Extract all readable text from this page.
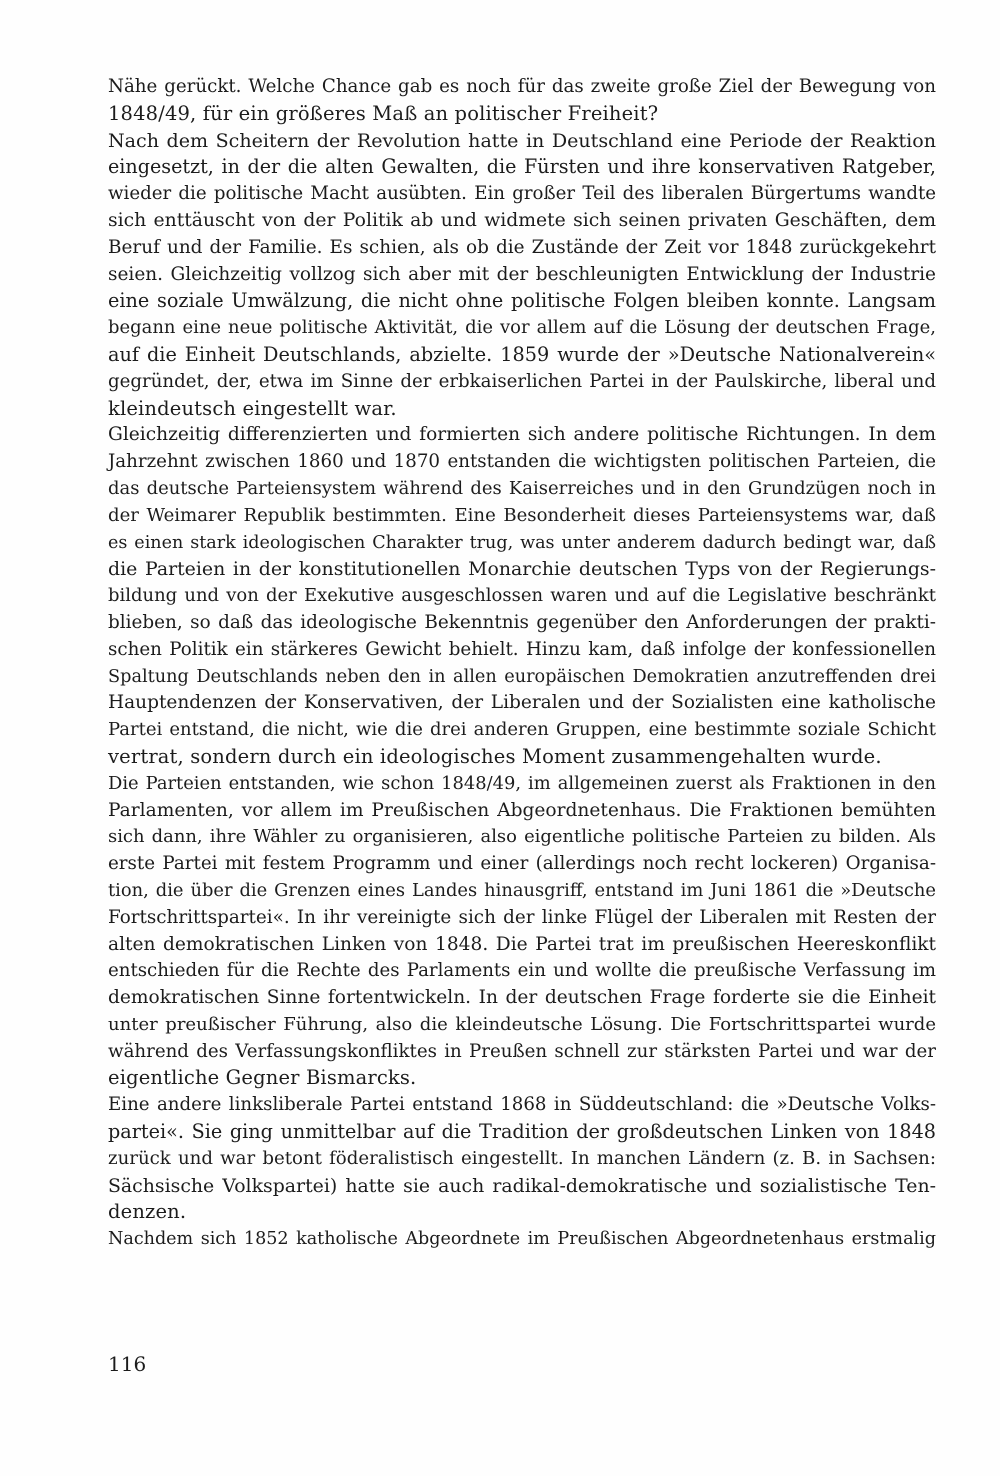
Nähe gerückt. Welche Chance gab es noch für das zweite große Ziel der Bewegung von
1848/49, für ein größeres Maß an politischer Freiheit?
Nach dem Scheitern der Revolution hatte in Deutschland eine Periode der Reaktion
eingesetzt, in der die alten Gewalten, die Fürsten und ihre konservativen Ratgeber,
wieder die politische Macht ausübten. Ein großer Teil des liberalen Bürgertums wandte
sich enttäuscht von der Politik ab und widmete sich seinen privaten Geschäften, dem
Beruf und der Familie. Es schien, als ob die Zustände der Zeit vor 1848 zurückgekehrt
seien. Gleichzeitig vollzog sich aber mit der beschleunigten Entwicklung der Industrie
eine soziale Umwälzung, die nicht ohne politische Folgen bleiben konnte. Langsam
begann eine neue politische Aktivität, die vor allem auf die Lösung der deutschen Frage,
auf die Einheit Deutschlands, abzielte. 1859 wurde der »Deutsche Nationalverein«
gegründet, der, etwa im Sinne der erbkaiserlichen Partei in der Paulskirche, liberal und
kleindeutsch eingestellt war.
Gleichzeitig differenzierten und formierten sich andere politische Richtungen. In dem
Jahrzehnt zwischen 1860 und 1870 entstanden die wichtigsten politischen Parteien, die
das deutsche Parteiensystem während des Kaiserreiches und in den Grundzügen noch in
der Weimarer Republik bestimmten. Eine Besonderheit dieses Parteiensystems war, daß
es einen stark ideologischen Charakter trug, was unter anderem dadurch bedingt war, daß
die Parteien in der konstitutionellen Monarchie deutschen Typs von der Regierungs-
bildung und von der Exekutive ausgeschlossen waren und auf die Legislative beschränkt
blieben, so daß das ideologische Bekenntnis gegenüber den Anforderungen der prakti-
schen Politik ein stärkeres Gewicht behielt. Hinzu kam, daß infolge der konfessionellen
Spaltung Deutschlands neben den in allen europäischen Demokratien anzutreffenden drei
Hauptendenzen der Konservativen, der Liberalen und der Sozialisten eine katholische
Partei entstand, die nicht, wie die drei anderen Gruppen, eine bestimmte soziale Schicht
vertrat, sondern durch ein ideologisches Moment zusammengehalten wurde.
Die Parteien entstanden, wie schon 1848/49, im allgemeinen zuerst als Fraktionen in den
Parlamenten, vor allem im Preußischen Abgeordnetenhaus. Die Fraktionen bemühten
sich dann, ihre Wähler zu organisieren, also eigentliche politische Parteien zu bilden. Als
erste Partei mit festem Programm und einer (allerdings noch recht lockeren) Organisa-
tion, die über die Grenzen eines Landes hinausgriff, entstand im Juni 1861 die »Deutsche
Fortschrittspartei«. In ihr vereinigte sich der linke Flügel der Liberalen mit Resten der
alten demokratischen Linken von 1848. Die Partei trat im preußischen Heereskonflikt
entschieden für die Rechte des Parlaments ein und wollte die preußische Verfassung im
demokratischen Sinne fortentwickeln. In der deutschen Frage forderte sie die Einheit
unter preußischer Führung, also die kleindeutsche Lösung. Die Fortschrittspartei wurde
während des Verfassungskonfliktes in Preußen schnell zur stärksten Partei und war der
eigentliche Gegner Bismarcks.
Eine andere linksliberale Partei entstand 1868 in Süddeutschland: die »Deutsche Volks-
partei«. Sie ging unmittelbar auf die Tradition der großdeutschen Linken von 1848
zurück und war betont föderalistisch eingestellt. In manchen Ländern (z. B. in Sachsen:
Sächsische Volkspartei) hatte sie auch radikal-demokratische und sozialistische Ten-
denzen.
Nachdem sich 1852 katholische Abgeordnete im Preußischen Abgeordnetenhaus erstmalig
116
